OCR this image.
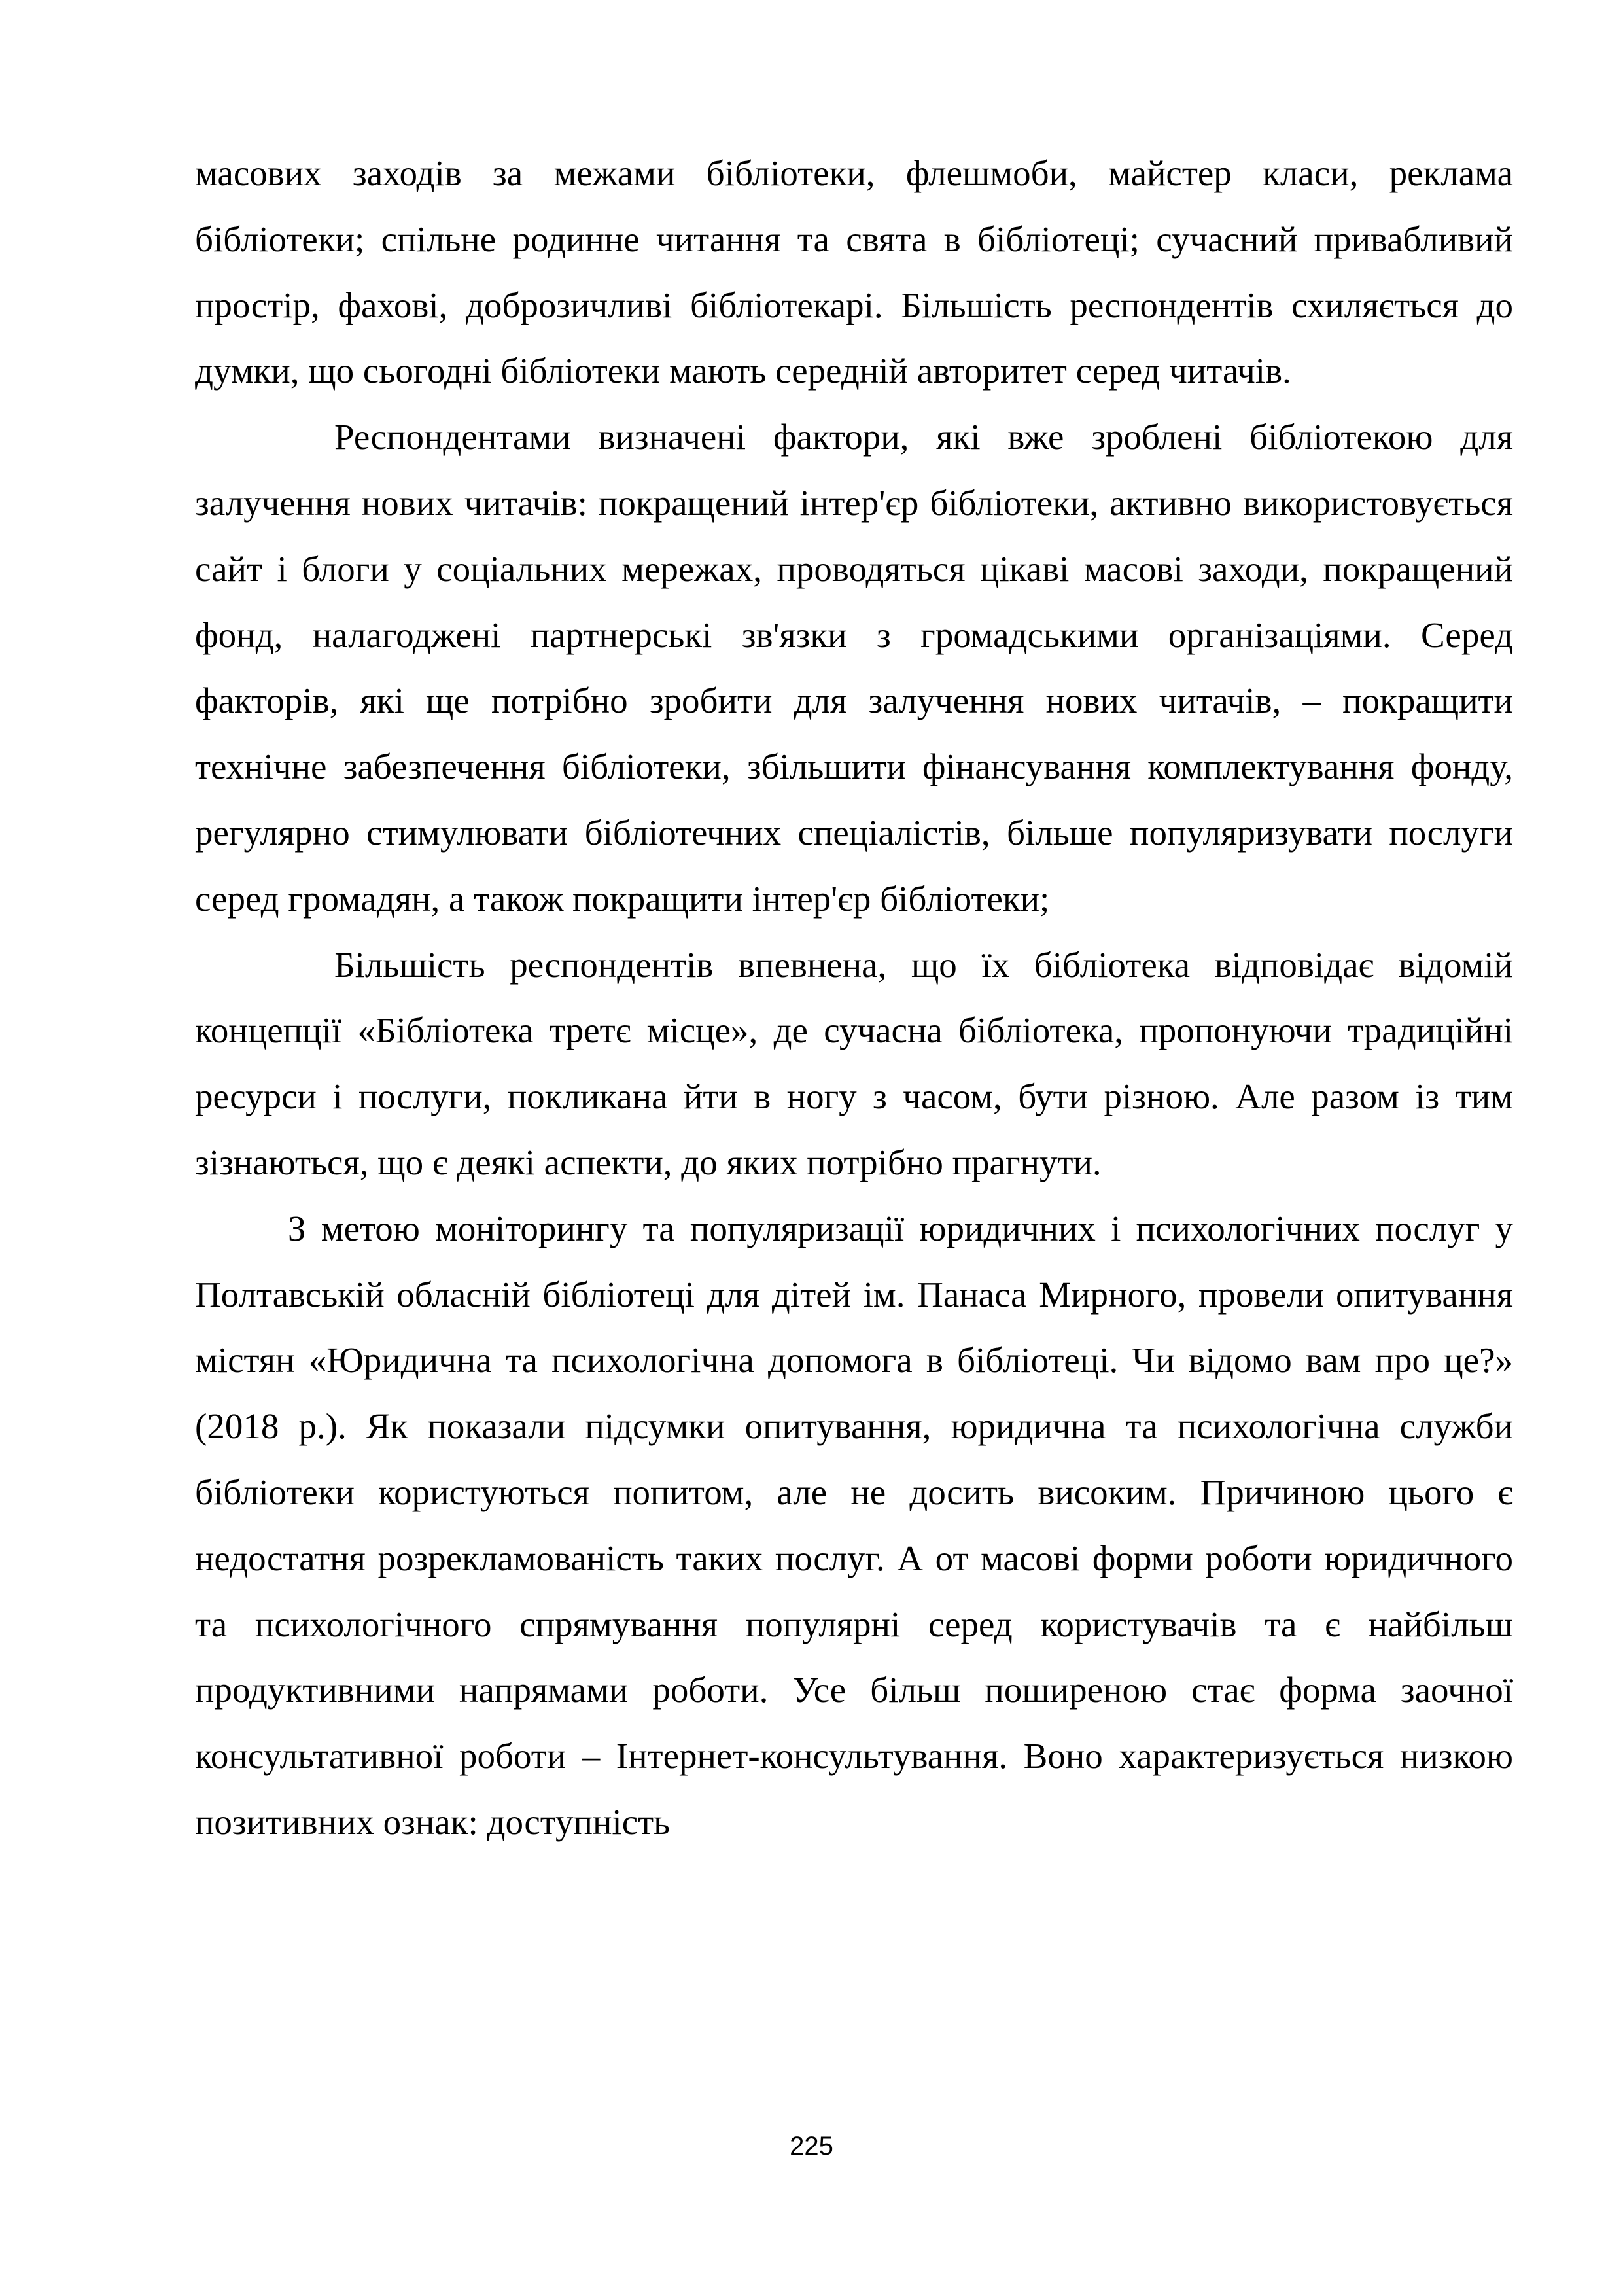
масових заходів за межами бібліотеки, флешмоби, майстер класи, реклама бібліотеки; спільне родинне читання та свята в бібліотеці; сучасний привабливий простір, фахові, доброзичливі бібліотекарі. Більшість респондентів схиляється до думки, що сьогодні бібліотеки мають середній авторитет серед читачів.

Респондентами визначені фактори, які вже зроблені бібліотекою для залучення нових читачів: покращений інтер'єр бібліотеки, активно використовується сайт і блоги у соціальних мережах, проводяться цікаві масові заходи, покращений фонд, налагоджені партнерські зв'язки з громадськими організаціями. Серед факторів, які ще потрібно зробити для залучення нових читачів, – покращити технічне забезпечення бібліотеки, збільшити фінансування комплектування фонду, регулярно стимулювати бібліотечних спеціалістів, більше популяризувати послуги серед громадян, а також покращити інтер'єр бібліотеки;

Більшість респондентів впевнена, що їх бібліотека відповідає відомій концепції «Бібліотека третє місце», де сучасна бібліотека, пропонуючи традиційні ресурси і послуги, покликана йти в ногу з часом, бути різною. Але разом із тим зізнаються, що є деякі аспекти, до яких потрібно прагнути.

З метою моніторингу та популяризації юридичних і психологічних послуг у Полтавській обласній бібліотеці для дітей ім. Панаса Мирного, провели опитування містян «Юридична та психологічна допомога в бібліотеці. Чи відомо вам про це?» (2018 р.). Як показали підсумки опитування, юридична та психологічна служби бібліотеки користуються попитом, але не досить високим. Причиною цього є недостатня розрекламованість таких послуг. А от масові форми роботи юридичного та психологічного спрямування популярні серед користувачів та є найбільш продуктивними напрямами роботи. Усе більш поширеною стає форма заочної консультативної роботи – Інтернет-консультування. Воно характеризується низкою позитивних ознак: доступність

225
